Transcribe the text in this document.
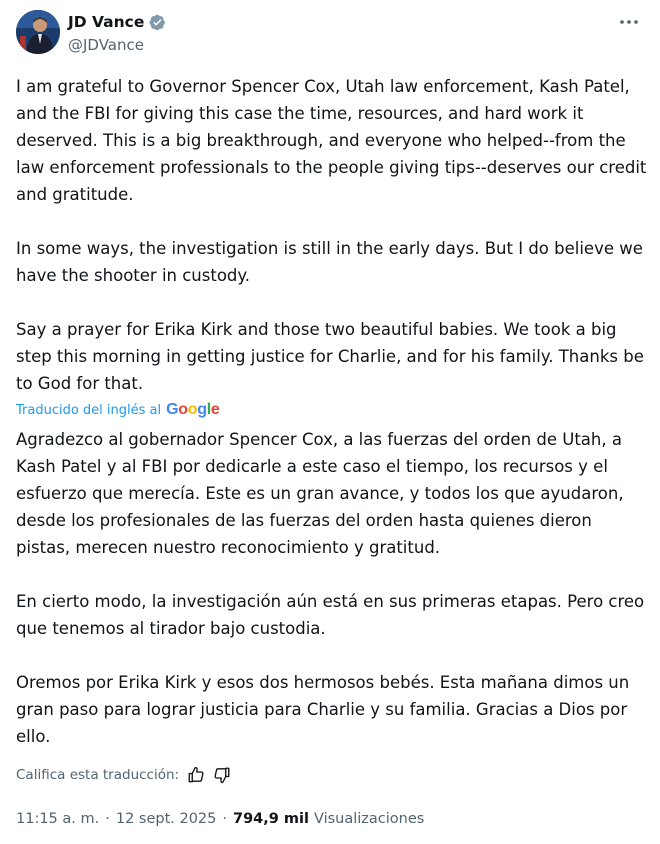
JD Vance
@JDVance

I am grateful to Governor Spencer Cox, Utah law enforcement, Kash Patel, and the FBI for giving this case the time, resources, and hard work it deserved. This is a big breakthrough, and everyone who helped--from the law enforcement professionals to the people giving tips--deserves our credit and gratitude.

In some ways, the investigation is still in the early days. But I do believe we have the shooter in custody.

Say a prayer for Erika Kirk and those two beautiful babies. We took a big step this morning in getting justice for Charlie, and for his family. Thanks be to God for that.

Traducido del inglés al Google

Agradezco al gobernador Spencer Cox, a las fuerzas del orden de Utah, a Kash Patel y al FBI por dedicarle a este caso el tiempo, los recursos y el esfuerzo que merecía. Este es un gran avance, y todos los que ayudaron, desde los profesionales de las fuerzas del orden hasta quienes dieron pistas, merecen nuestro reconocimiento y gratitud.

En cierto modo, la investigación aún está en sus primeras etapas. Pero creo que tenemos al tirador bajo custodia.

Oremos por Erika Kirk y esos dos hermosos bebés. Esta mañana dimos un gran paso para lograr justicia para Charlie y su familia. Gracias a Dios por ello.

Califica esta traducción:
11:15 a. m. · 12 sept. 2025 · 794,9 mil Visualizaciones
